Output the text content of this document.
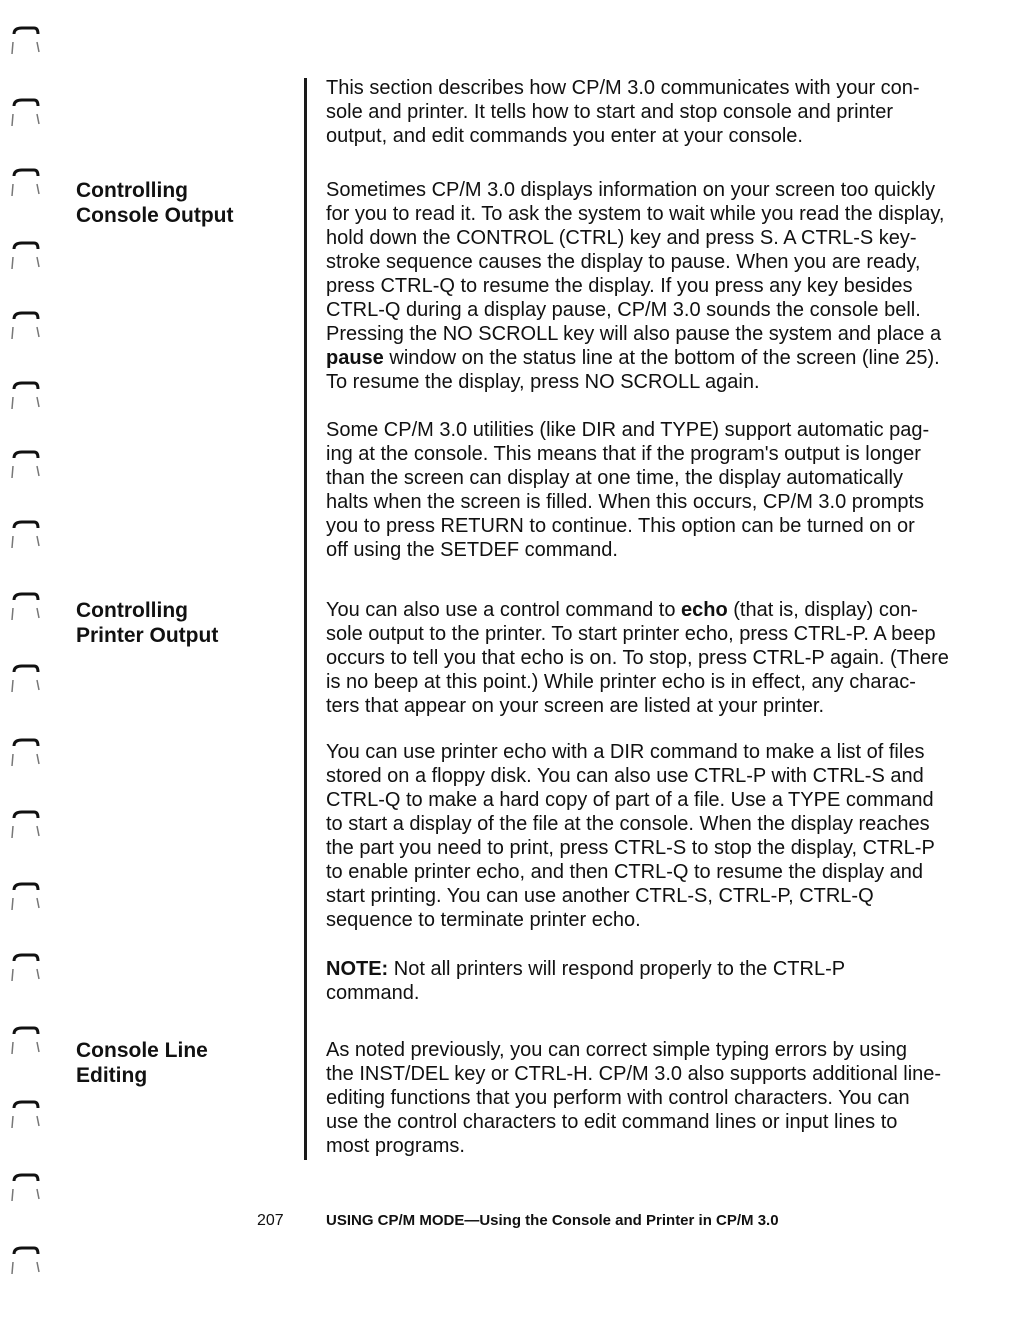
Controlling
Console Output
Controlling
Printer Output
Console Line
Editing
This section describes how CP/M 3.0 communicates with your con-
sole and printer. It tells how to start and stop console and printer
output, and edit commands you enter at your console.
Sometimes CP/M 3.0 displays information on your screen too quickly
for you to read it. To ask the system to wait while you read the display,
hold down the CONTROL (CTRL) key and press S. A CTRL-S key-
stroke sequence causes the display to pause. When you are ready,
press CTRL-Q to resume the display. If you press any key besides
CTRL-Q during a display pause, CP/M 3.0 sounds the console bell.
Pressing the NO SCROLL key will also pause the system and place a
pause window on the status line at the bottom of the screen (line 25).
To resume the display, press NO SCROLL again.
Some CP/M 3.0 utilities (like DIR and TYPE) support automatic pag-
ing at the console. This means that if the program's output is longer
than the screen can display at one time, the display automatically
halts when the screen is filled. When this occurs, CP/M 3.0 prompts
you to press RETURN to continue. This option can be turned on or
off using the SETDEF command.
You can also use a control command to echo (that is, display) con-
sole output to the printer. To start printer echo, press CTRL-P. A beep
occurs to tell you that echo is on. To stop, press CTRL-P again. (There
is no beep at this point.) While printer echo is in effect, any charac-
ters that appear on your screen are listed at your printer.
You can use printer echo with a DIR command to make a list of files
stored on a floppy disk. You can also use CTRL-P with CTRL-S and
CTRL-Q to make a hard copy of part of a file. Use a TYPE command
to start a display of the file at the console. When the display reaches
the part you need to print, press CTRL-S to stop the display, CTRL-P
to enable printer echo, and then CTRL-Q to resume the display and
start printing. You can use another CTRL-S, CTRL-P, CTRL-Q
sequence to terminate printer echo.
NOTE: Not all printers will respond properly to the CTRL-P
command.
As noted previously, you can correct simple typing errors by using
the INST/DEL key or CTRL-H. CP/M 3.0 also supports additional line-
editing functions that you perform with control characters. You can
use the control characters to edit command lines or input lines to
most programs.
207	USING CP/M MODE—Using the Console and Printer in CP/M 3.0
